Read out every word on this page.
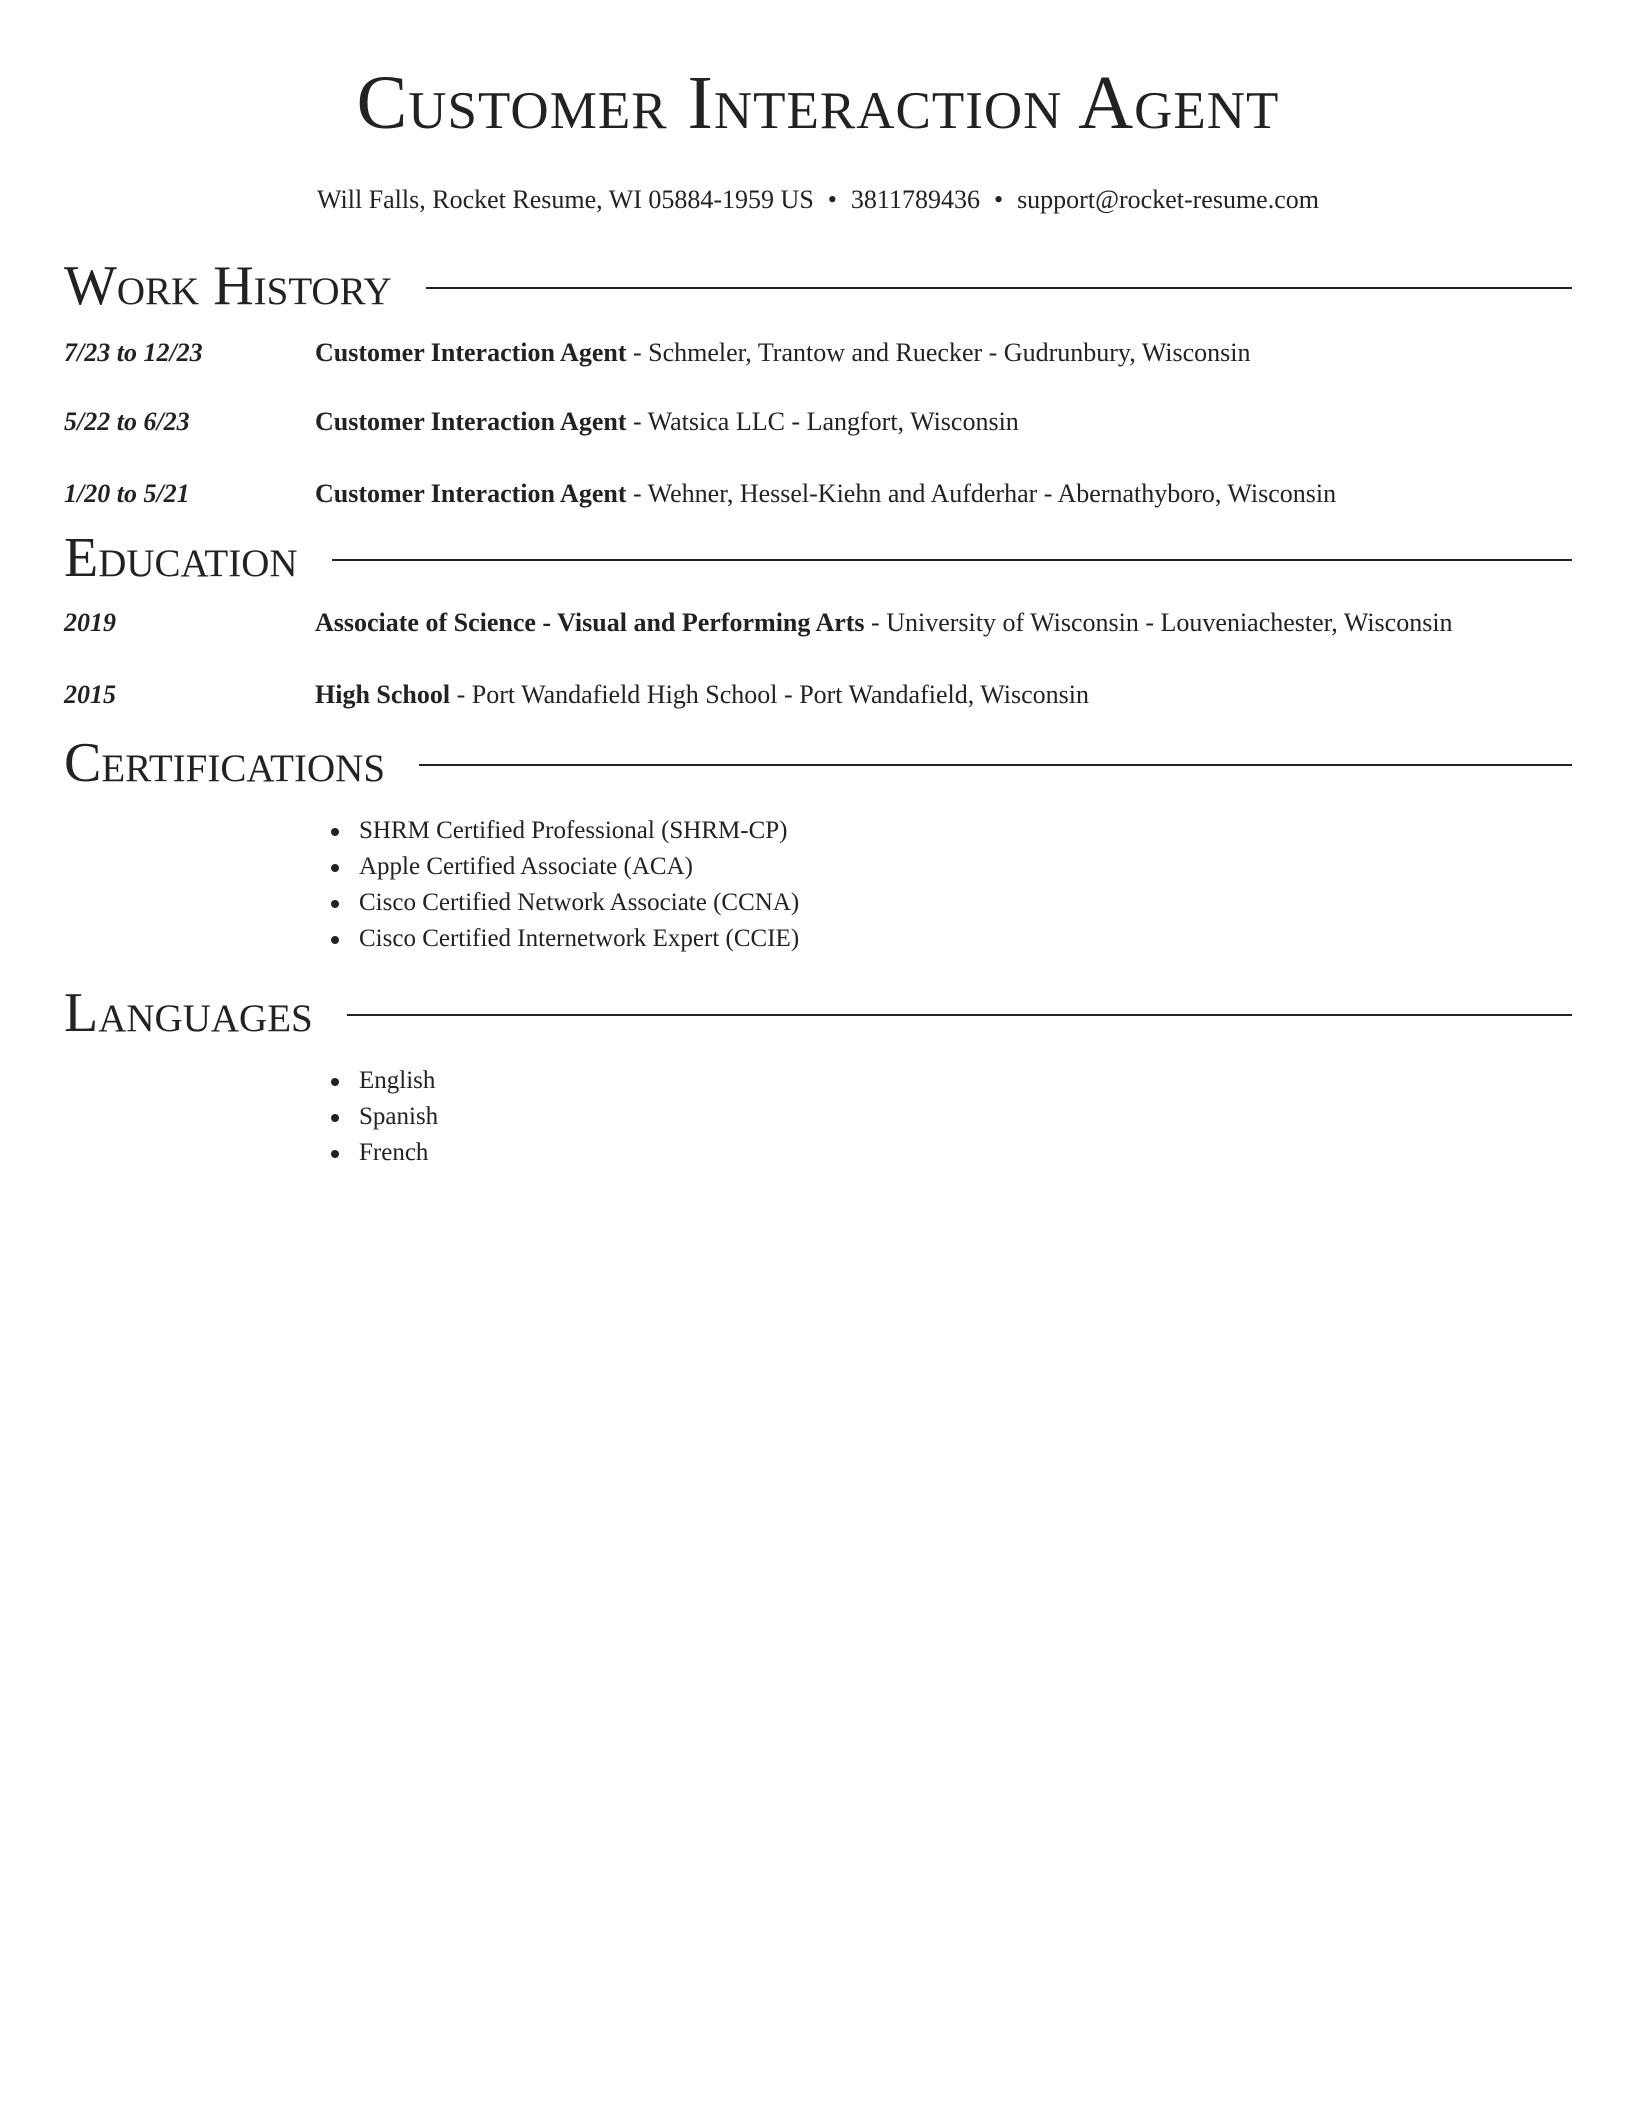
Customer Interaction Agent
Will Falls, Rocket Resume, WI 05884-1959 US • 3811789436 • support@rocket-resume.com
Work History
7/23 to 12/23	Customer Interaction Agent - Schmeler, Trantow and Ruecker - Gudrunbury, Wisconsin
5/22 to 6/23	Customer Interaction Agent - Watsica LLC - Langfort, Wisconsin
1/20 to 5/21	Customer Interaction Agent - Wehner, Hessel-Kiehn and Aufderhar - Abernathyboro, Wisconsin
Education
2019	Associate of Science - Visual and Performing Arts - University of Wisconsin - Louveniachester, Wisconsin
2015	High School - Port Wandafield High School - Port Wandafield, Wisconsin
Certifications
SHRM Certified Professional (SHRM-CP)
Apple Certified Associate (ACA)
Cisco Certified Network Associate (CCNA)
Cisco Certified Internetwork Expert (CCIE)
Languages
English
Spanish
French
